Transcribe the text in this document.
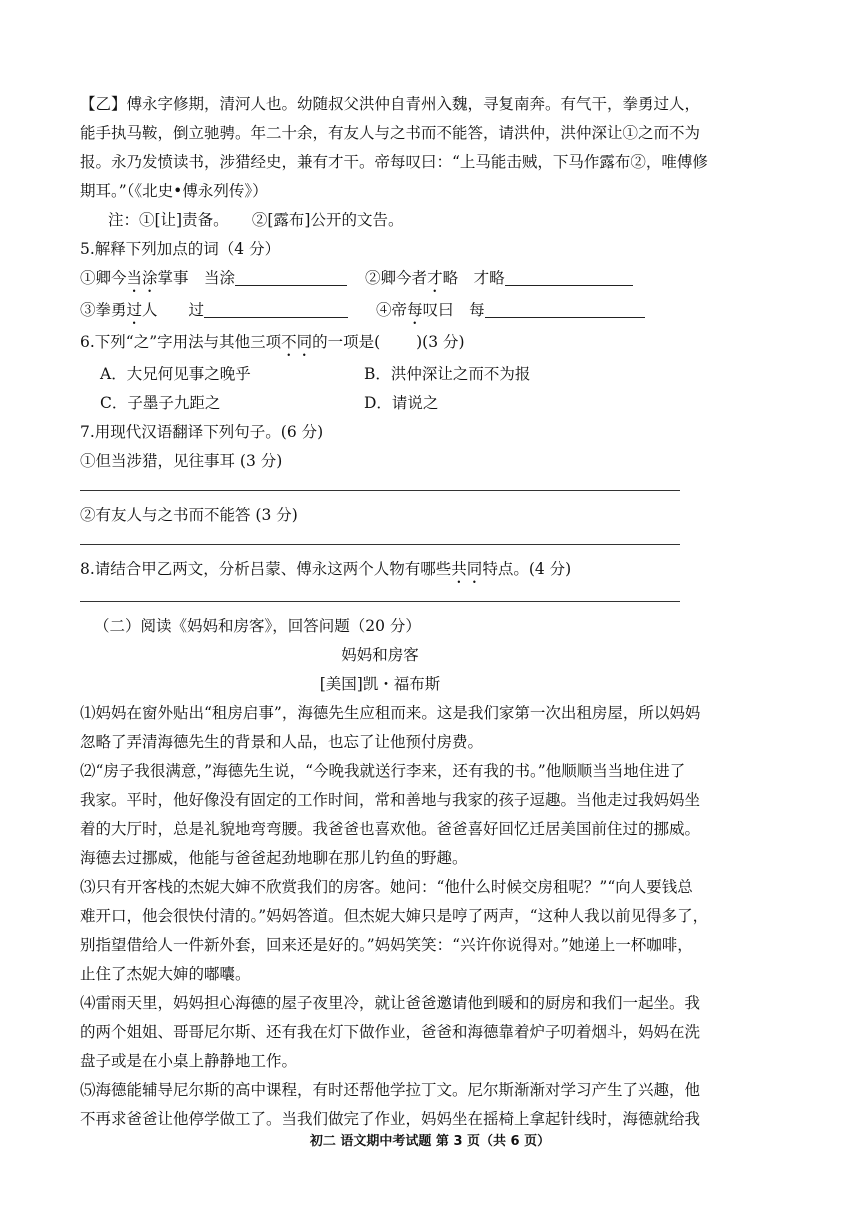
【乙】傅永字修期，清河人也。幼随叔父洪仲自青州入魏，寻复南奔。有气干，拳勇过人，
能手执马鞍，倒立驰骋。年二十余，有友人与之书而不能答，请洪仲，洪仲深让①之而不为
报。永乃发愤读书，涉猎经史，兼有才干。帝每叹曰：“上马能击贼，下马作露布②，唯傅修
期耳。”（《北史•傅永列传》）
注：①[让]责备。　　②[露布]公开的文告。
5.解释下列加点的词（4 分）
①卿今当涂掌事　当涂	②卿今者才略　才略
③拳勇过人　　过	④帝每叹曰　每
6.下列“之”字用法与其他三项不同的一项是(　　 )(3 分)
A．大兄何见事之晚乎	B．洪仲深让之而不为报
C．子墨子九距之	D．请说之
7.用现代汉语翻译下列句子。(6 分)
①但当涉猎，见往事耳 (3 分)
②有友人与之书而不能答 (3 分)
8.请结合甲乙两文，分析吕蒙、傅永这两个人物有哪些共同特点。(4 分)
（二）阅读《妈妈和房客》，回答问题（20 分）
妈妈和房客
[美国]凯・福布斯
⑴妈妈在窗外贴出“租房启事”，海德先生应租而来。这是我们家第一次出租房屋，所以妈妈
忽略了弄清海德先生的背景和人品，也忘了让他预付房费。
⑵“房子我很满意，”海德先生说，“今晚我就送行李来，还有我的书。”他顺顺当当地住进了
我家。平时，他好像没有固定的工作时间，常和善地与我家的孩子逗趣。当他走过我妈妈坐
着的大厅时，总是礼貌地弯弯腰。我爸爸也喜欢他。爸爸喜好回忆迁居美国前住过的挪威。
海德去过挪威，他能与爸爸起劲地聊在那儿钓鱼的野趣。
⑶只有开客栈的杰妮大婶不欣赏我们的房客。她问：“他什么时候交房租呢？”“向人要钱总
难开口，他会很快付清的。”妈妈答道。但杰妮大婶只是哼了两声，“这种人我以前见得多了，
别指望借给人一件新外套，回来还是好的。”妈妈笑笑：“兴许你说得对。”她递上一杯咖啡，
止住了杰妮大婶的嘟囔。
⑷雷雨天里，妈妈担心海德的屋子夜里冷，就让爸爸邀请他到暖和的厨房和我们一起坐。我
的两个姐姐、哥哥尼尔斯、还有我在灯下做作业，爸爸和海德靠着炉子叨着烟斗，妈妈在洗
盘子或是在小桌上静静地工作。
⑸海德能辅导尼尔斯的高中课程，有时还帮他学拉丁文。尼尔斯渐渐对学习产生了兴趣，他
不再求爸爸让他停学做工了。当我们做完了作业，妈妈坐在摇椅上拿起针线时，海德就给我
初二 语文期中考试题 第 3 页（共 6 页）
